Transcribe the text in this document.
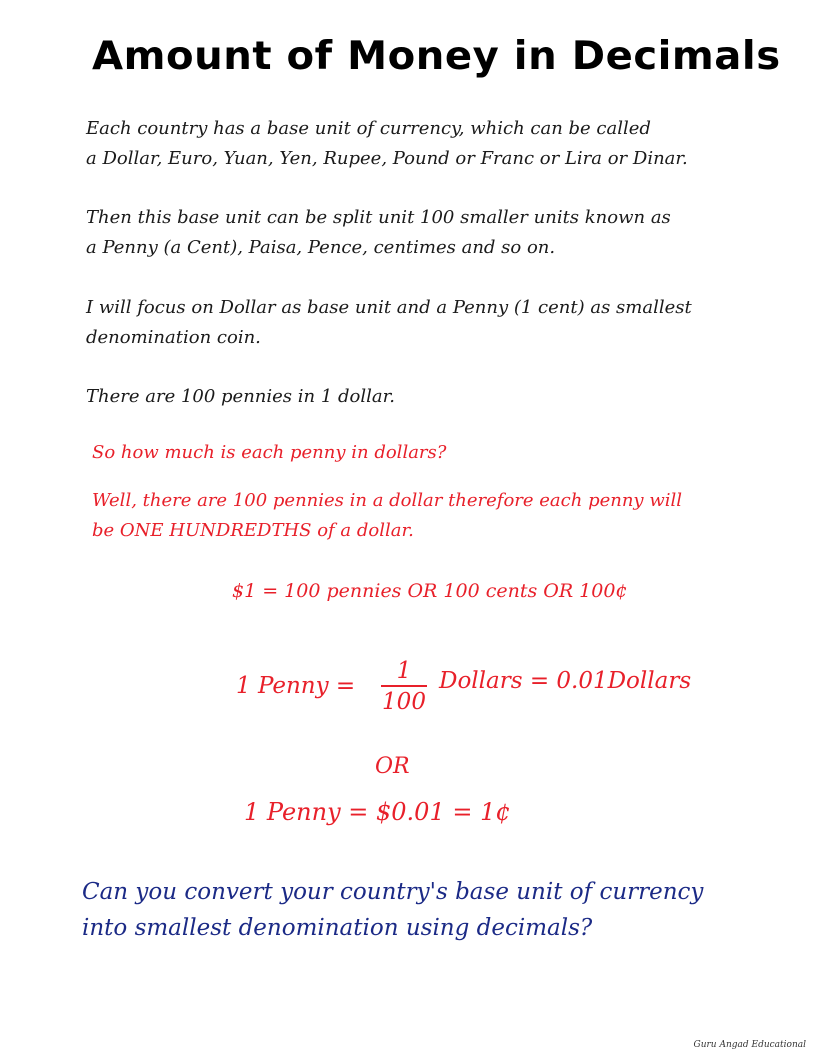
Amount of Money in Decimals
Each country has a base unit of currency, which can be called
a Dollar, Euro, Yuan, Yen, Rupee, Pound or Franc or Lira or Dinar.
Then this base unit can be split unit 100 smaller units known as
a Penny (a Cent), Paisa, Pence, centimes and so on.
I will focus on Dollar as base unit and a Penny (1 cent) as smallest
denomination coin.
There are 100 pennies in 1 dollar.
So how much is each penny in dollars?
Well, there are 100 pennies in a dollar therefore each penny will
be ONE HUNDREDTHS of a dollar.
$1 = 100 pennies OR 100 cents OR 100¢
1 Penny =
1
100
Dollars = 0.01Dollars
OR
1 Penny = $0.01 = 1¢
Can you convert your country's base unit of currency
into smallest denomination using decimals?
Guru Angad Educational
